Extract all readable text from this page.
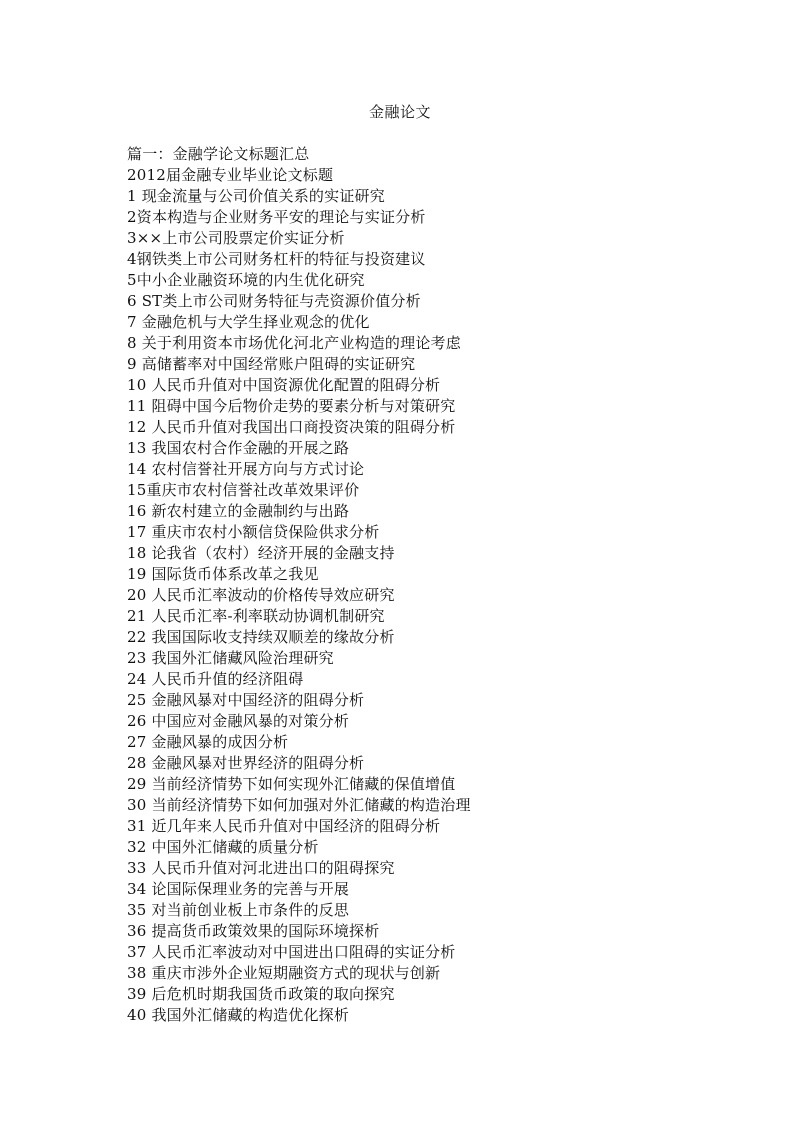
金融论文
篇一：金融学论文标题汇总
2012届金融专业毕业论文标题
1 现金流量与公司价值关系的实证研究
2资本构造与企业财务平安的理论与实证分析
3××上市公司股票定价实证分析
4钢铁类上市公司财务杠杆的特征与投资建议
5中小企业融资环境的内生优化研究
6 ST类上市公司财务特征与壳资源价值分析
7 金融危机与大学生择业观念的优化
8 关于利用资本市场优化河北产业构造的理论考虑
9 高储蓄率对中国经常账户阻碍的实证研究
10 人民币升值对中国资源优化配置的阻碍分析
11 阻碍中国今后物价走势的要素分析与对策研究
12 人民币升值对我国出口商投资决策的阻碍分析
13 我国农村合作金融的开展之路
14 农村信誉社开展方向与方式讨论
15重庆市农村信誉社改革效果评价
16 新农村建立的金融制约与出路
17 重庆市农村小额信贷保险供求分析
18 论我省（农村）经济开展的金融支持
19 国际货币体系改革之我见
20 人民币汇率波动的价格传导效应研究
21 人民币汇率-利率联动协调机制研究
22 我国国际收支持续双顺差的缘故分析
23 我国外汇储藏风险治理研究
24 人民币升值的经济阻碍
25 金融风暴对中国经济的阻碍分析
26 中国应对金融风暴的对策分析
27 金融风暴的成因分析
28 金融风暴对世界经济的阻碍分析
29 当前经济情势下如何实现外汇储藏的保值增值
30 当前经济情势下如何加强对外汇储藏的构造治理
31 近几年来人民币升值对中国经济的阻碍分析
32 中国外汇储藏的质量分析
33 人民币升值对河北进出口的阻碍探究
34 论国际保理业务的完善与开展
35 对当前创业板上市条件的反思
36 提高货币政策效果的国际环境探析
37 人民币汇率波动对中国进出口阻碍的实证分析
38 重庆市涉外企业短期融资方式的现状与创新
39 后危机时期我国货币政策的取向探究
40 我国外汇储藏的构造优化探析
